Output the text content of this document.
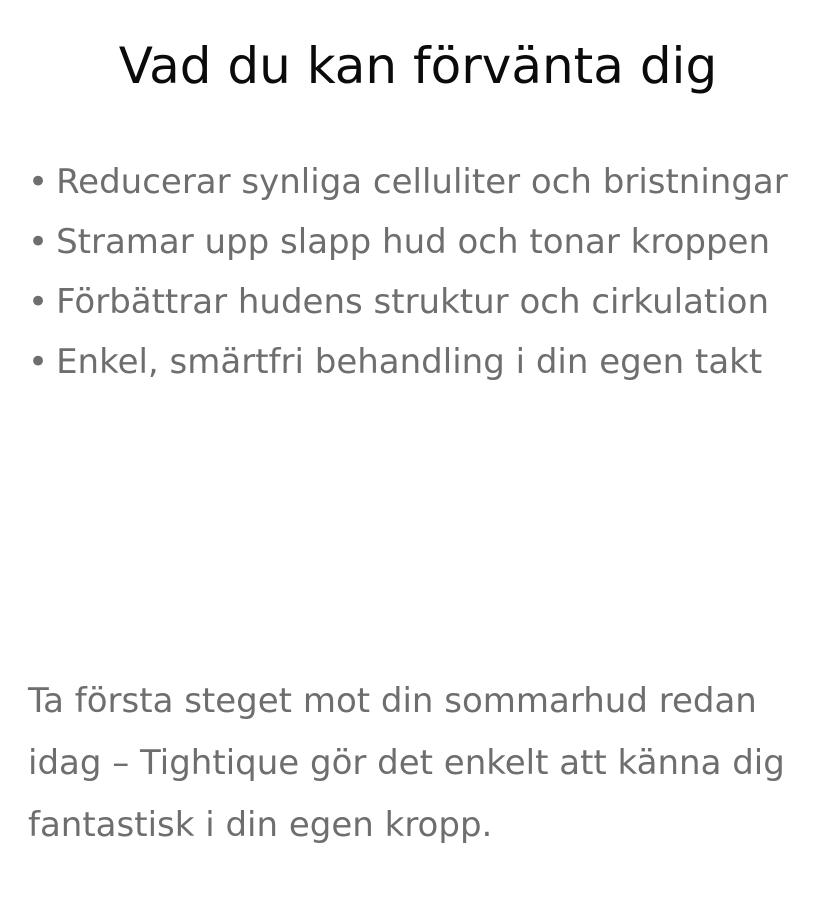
Vad du kan förvänta dig
• Reducerar synliga celluliter och bristningar
• Stramar upp slapp hud och tonar kroppen
• Förbättrar hudens struktur och cirkulation
• Enkel, smärtfri behandling i din egen takt

Ta första steget mot din sommarhud redan idag – Tightique gör det enkelt att känna dig fantastisk i din egen kropp.
